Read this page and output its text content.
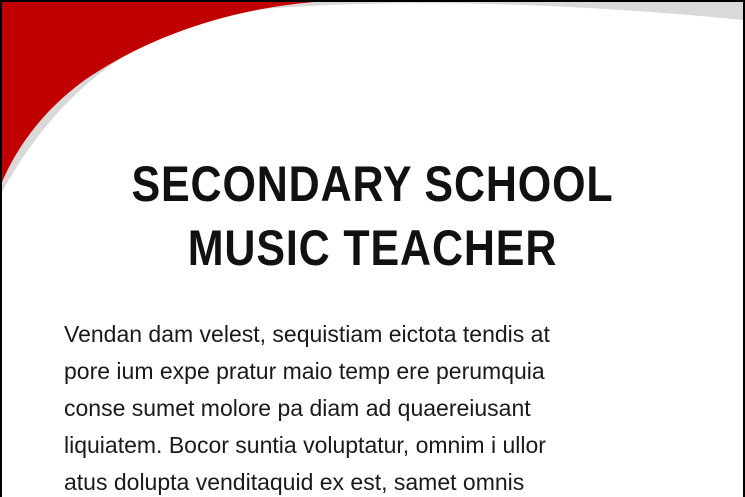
SECONDARY SCHOOL
MUSIC TEACHER

Vendan dam velest, sequistiam eictota tendis at
pore ium expe pratur maio temp ere perumquia
conse sumet molore pa diam ad quaereiusant
liquiatem. Bocor suntia voluptatur, omnim i ullor
atus dolupta venditaquid ex est, samet omnis
